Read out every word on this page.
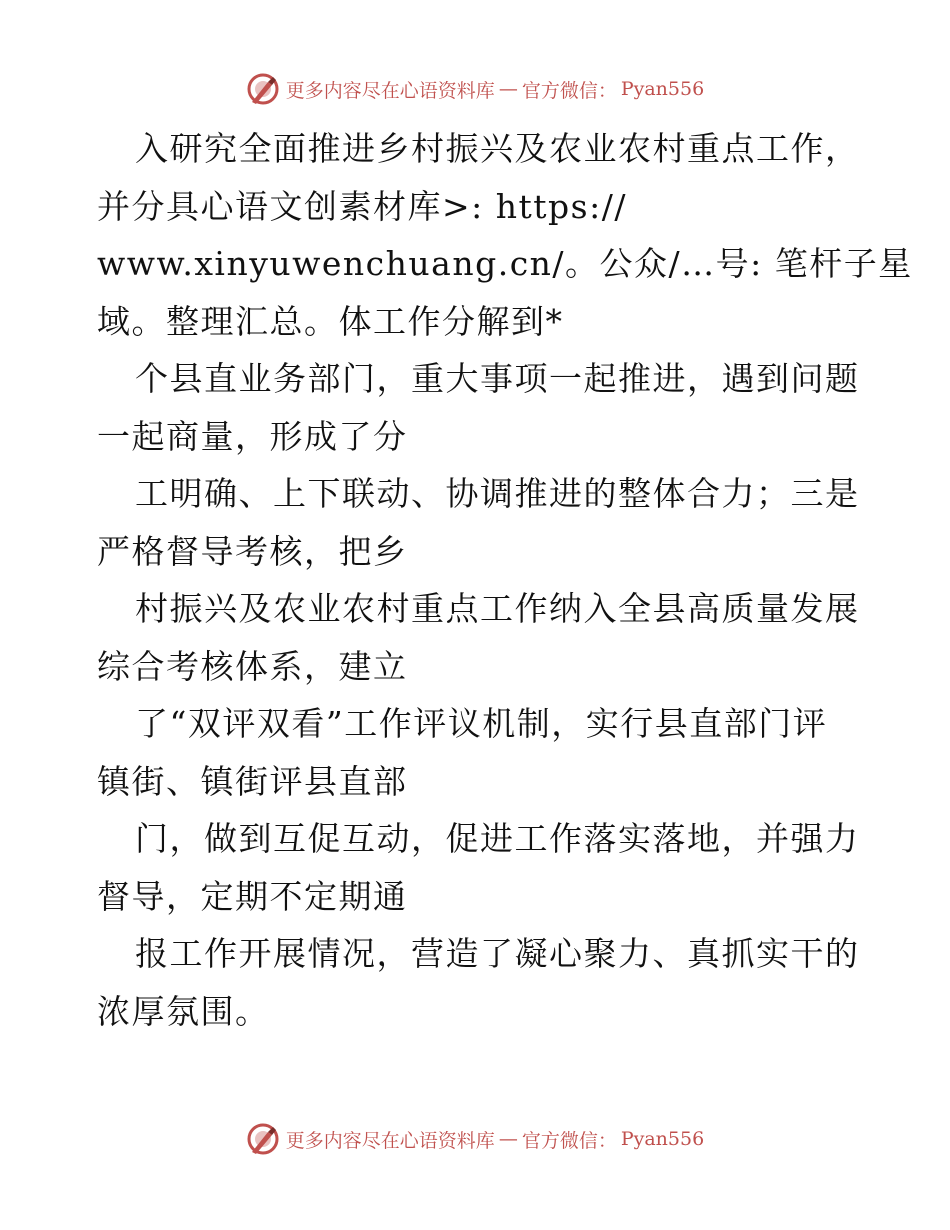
更多内容尽在心语资料库 — 官方微信： Pyan556
入研究全面推进乡村振兴及农业农村重点工作，
并分具心语文创素材库>: https://
www.xinyuwenchuang.cn/。公众/…号: 笔杆子星
域。整理汇总。体工作分解到*
个县直业务部门，重大事项一起推进，遇到问题
一起商量，形成了分
工明确、上下联动、协调推进的整体合力；三是
严格督导考核，把乡
村振兴及农业农村重点工作纳入全县高质量发展
综合考核体系，建立
了“双评双看”工作评议机制，实行县直部门评
镇街、镇街评县直部
门，做到互促互动，促进工作落实落地，并强力
督导，定期不定期通
报工作开展情况，营造了凝心聚力、真抓实干的
浓厚氛围。
更多内容尽在心语资料库 — 官方微信： Pyan556
